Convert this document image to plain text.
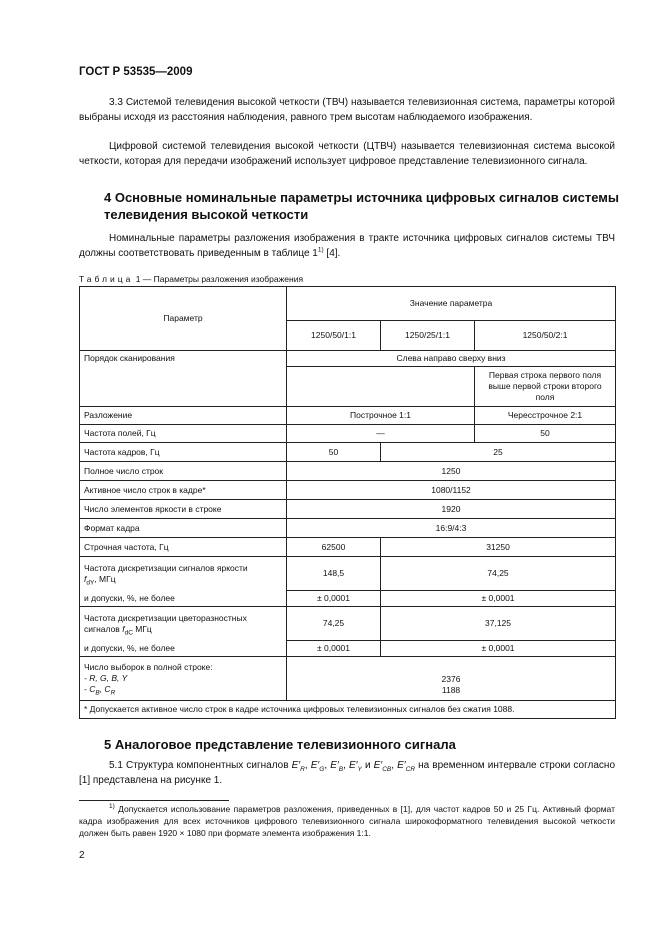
ГОСТ Р 53535—2009

3.3 Системой телевидения высокой четкости (ТВЧ) называется телевизионная система, параметры которой выбраны исходя из расстояния наблюдения, равного трем высотам наблюдаемого изображения.

Цифровой системой телевидения высокой четкости (ЦТВЧ) называется телевизионная система высокой четкости, которая для передачи изображений использует цифровое представление телевизионного сигнала.

4 Основные номинальные параметры источника цифровых сигналов системы телевидения высокой четкости

Номинальные параметры разложения изображения в тракте источника цифровых сигналов системы ТВЧ должны соответствовать приведенным в таблице 1$^{1)}$ [4].

Таблица 1 — Параметры разложения изображения
Параметр	Значение параметра		
	1250/50/1:1	1250/25/1:1	1250/50/2:1
Порядок сканирования	Слева направо сверху вниз		
			Первая строка первого поля выше первой строки второго поля
Разложение	Построчное 1:1		Чересстрочное 2:1
Частота полей, Гц	—		50
Частота кадров, Гц	50	25	
Полное число строк	1250		
Активное число строк в кадре*	1080/1152		
Число элементов яркости в строке	1920		
Формат кадра	16:9/4:3		
Строчная частота, Гц	62500	31250	
Частота дискретизации сигналов яркости
$f_{dY}$, МГц	148,5	74,25	
и допуски, %, не более	± 0,0001	± 0,0001	
Частота дискретизации цветоразностных сигналов $f_{dC}$ МГц	74,25	37,125	
и допуски, %, не более	± 0,0001	± 0,0001	
Число выборок в полной строке:
- R, G, B, Y
- $C_B$, $C_R$	2376
1188		
* Допускается активное число строк в кадре источника цифровых телевизионных сигналов без сжатия 1088.			
5 Аналоговое представление телевизионного сигнала

5.1 Структура компонентных сигналов $E'_R$, $E'_G$, $E'_B$, $E'_Y$ и $E'_{CB}$, $E'_{CR}$ на временном интервале строки согласно [1] представлена на рисунке 1.

$^{1)}$ Допускается использование параметров разложения, приведенных в [1], для частот кадров 50 и 25 Гц. Активный формат кадра изображения для всех источников цифрового телевизионного сигнала широкоформатного телевидения высокой четкости должен быть равен 1920 × 1080 при формате элемента изображения 1:1.

2
